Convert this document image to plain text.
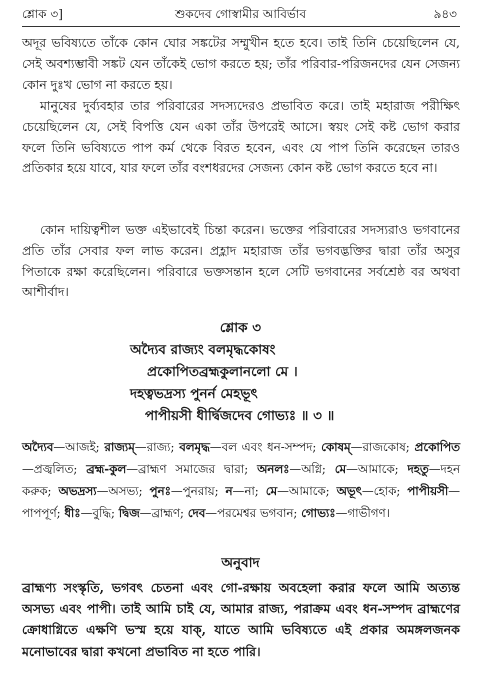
শ্লোক ৩]	শুকদেব গোস্বামীর আবির্ভাব	৯৪৩

অদূর ভবিষ্যতে তাঁকে কোন ঘোর সঙ্কটের সম্মুখীন হতে হবে। তাই তিনি চেয়েছিলেন যে, সেই অবশ্যম্ভাবী সঙ্কট যেন তাঁকেই ভোগ করতে হয়; তাঁর পরিবার-পরিজনদের যেন সেজন্য কোন দুঃখ ভোগ না করতে হয়।

মানুষের দুর্ব্যবহার তার পরিবারের সদস্যদেরও প্রভাবিত করে। তাই মহারাজ পরীক্ষিৎ চেয়েছিলেন যে, সেই বিপত্তি যেন একা তাঁর উপরেই আসে। স্বয়ং সেই কষ্ট ভোগ করার ফলে তিনি ভবিষ্যতে পাপ কর্ম থেকে বিরত হবেন, এবং যে পাপ তিনি করেছেন তারও প্রতিকার হয়ে যাবে, যার ফলে তাঁর বংশধরদের সেজন্য কোন কষ্ট ভোগ করতে হবে না।

কোন দায়িত্বশীল ভক্ত এইভাবেই চিন্তা করেন। ভক্তের পরিবারের সদস্যরাও ভগবানের প্রতি তাঁর সেবার ফল লাভ করেন। প্রহ্লাদ মহারাজ তাঁর ভগবদ্ভক্তির দ্বারা তাঁর অসুর পিতাকে রক্ষা করেছিলেন। পরিবারে ভক্তসন্তান হলে সেটি ভগবানের সর্বশ্রেষ্ঠ বর অথবা আশীর্বাদ।

শ্লোক ৩
অদ্যৈব রাজ্যং বলমৃদ্ধকোষং
প্রকোপিতব্রহ্মকুলানলো মে ।
দহত্বভদ্রস্য পুনর্ন মেহভূৎ
পাপীয়সী ধীর্দ্বিজদেব গোভ্যঃ ॥ ৩ ॥

অদ্যৈব—আজই; রাজ্যম্—রাজ্য; বলমৃদ্ধ—বল এবং ধন-সম্পদ; কোষম্—রাজকোষ; প্রকোপিত—প্রজ্বলিত; ব্রহ্ম-কুল—ব্রাহ্মণ সমাজের দ্বারা; অনলঃ—অগ্নি; মে—আমাকে; দহতু—দহন করুক; অভদ্রস্য—অসভ্য; পুনঃ—পুনরায়; ন—না; মে—আমাকে; অভূৎ—হোক; পাপীয়সী—পাপপূর্ণ; ধীঃ—বুদ্ধি; দ্বিজ—ব্রাহ্মণ; দেব—পরমেশ্বর ভগবান; গোভ্যঃ—গাভীগণ।

অনুবাদ

ব্রাহ্মণ্য সংস্কৃতি, ভগবৎ চেতনা এবং গো-রক্ষায় অবহেলা করার ফলে আমি অত্যন্ত অসভ্য এবং পাপী। তাই আমি চাই যে, আমার রাজ্য, পরাক্রম এবং ধন-সম্পদ ব্রাহ্মণের ক্রোধাগ্নিতে এক্ষণি ভস্ম হয়ে যাক্, যাতে আমি ভবিষ্যতে এই প্রকার অমঙ্গলজনক মনোভাবের দ্বারা কখনো প্রভাবিত না হতে পারি।
